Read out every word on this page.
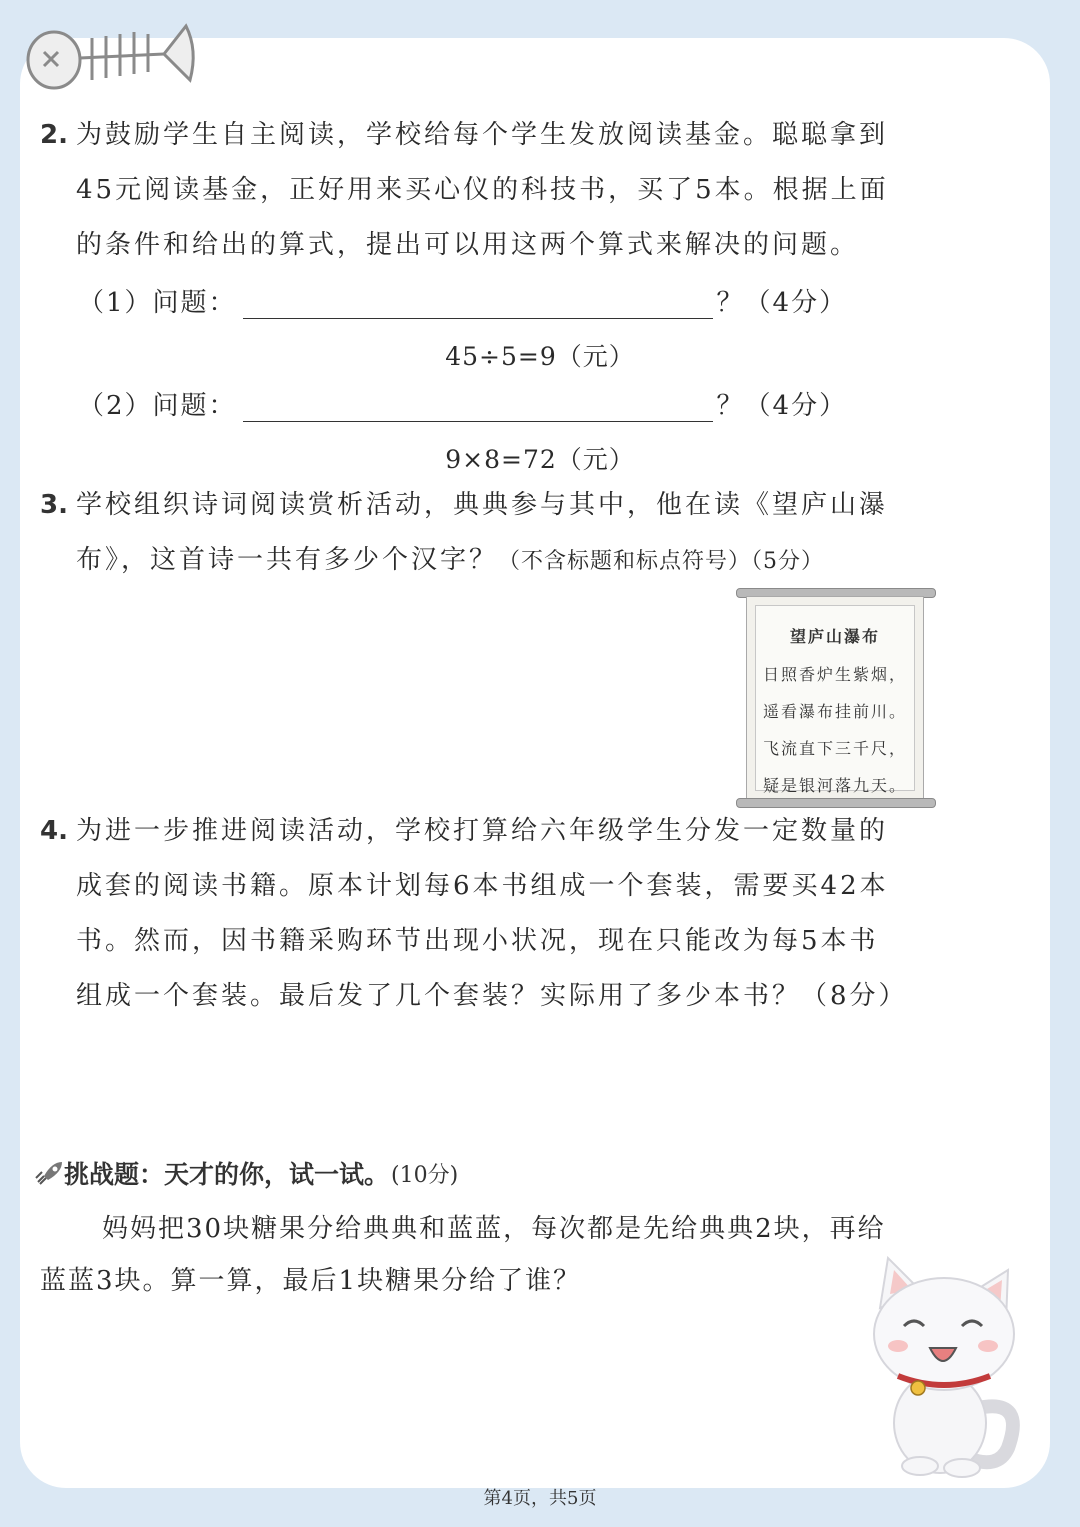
2. 为鼓励学生自主阅读，学校给每个学生发放阅读基金。聪聪拿到
45元阅读基金，正好用来买心仪的科技书，买了5本。根据上面
的条件和给出的算式，提出可以用这两个算式来解决的问题。
（1）问题：	？（4分）
45÷5=9（元）
（2）问题：	？（4分）
9×8=72（元）
3. 学校组织诗词阅读赏析活动，典典参与其中，他在读《望庐山瀑
布》，这首诗一共有多少个汉字？（不含标题和标点符号）（5分）
望庐山瀑布
日照香炉生紫烟，
遥看瀑布挂前川。
飞流直下三千尺，
疑是银河落九天。
4. 为进一步推进阅读活动，学校打算给六年级学生分发一定数量的
成套的阅读书籍。原本计划每6本书组成一个套装，需要买42本
书。然而，因书籍采购环节出现小状况，现在只能改为每5本书
组成一个套装。最后发了几个套装？实际用了多少本书？（8分）
挑战题：天才的你，试一试。 (10分)
妈妈把30块糖果分给典典和蓝蓝，每次都是先给典典2块，再给
蓝蓝3块。算一算，最后1块糖果分给了谁？
第4页，共5页
